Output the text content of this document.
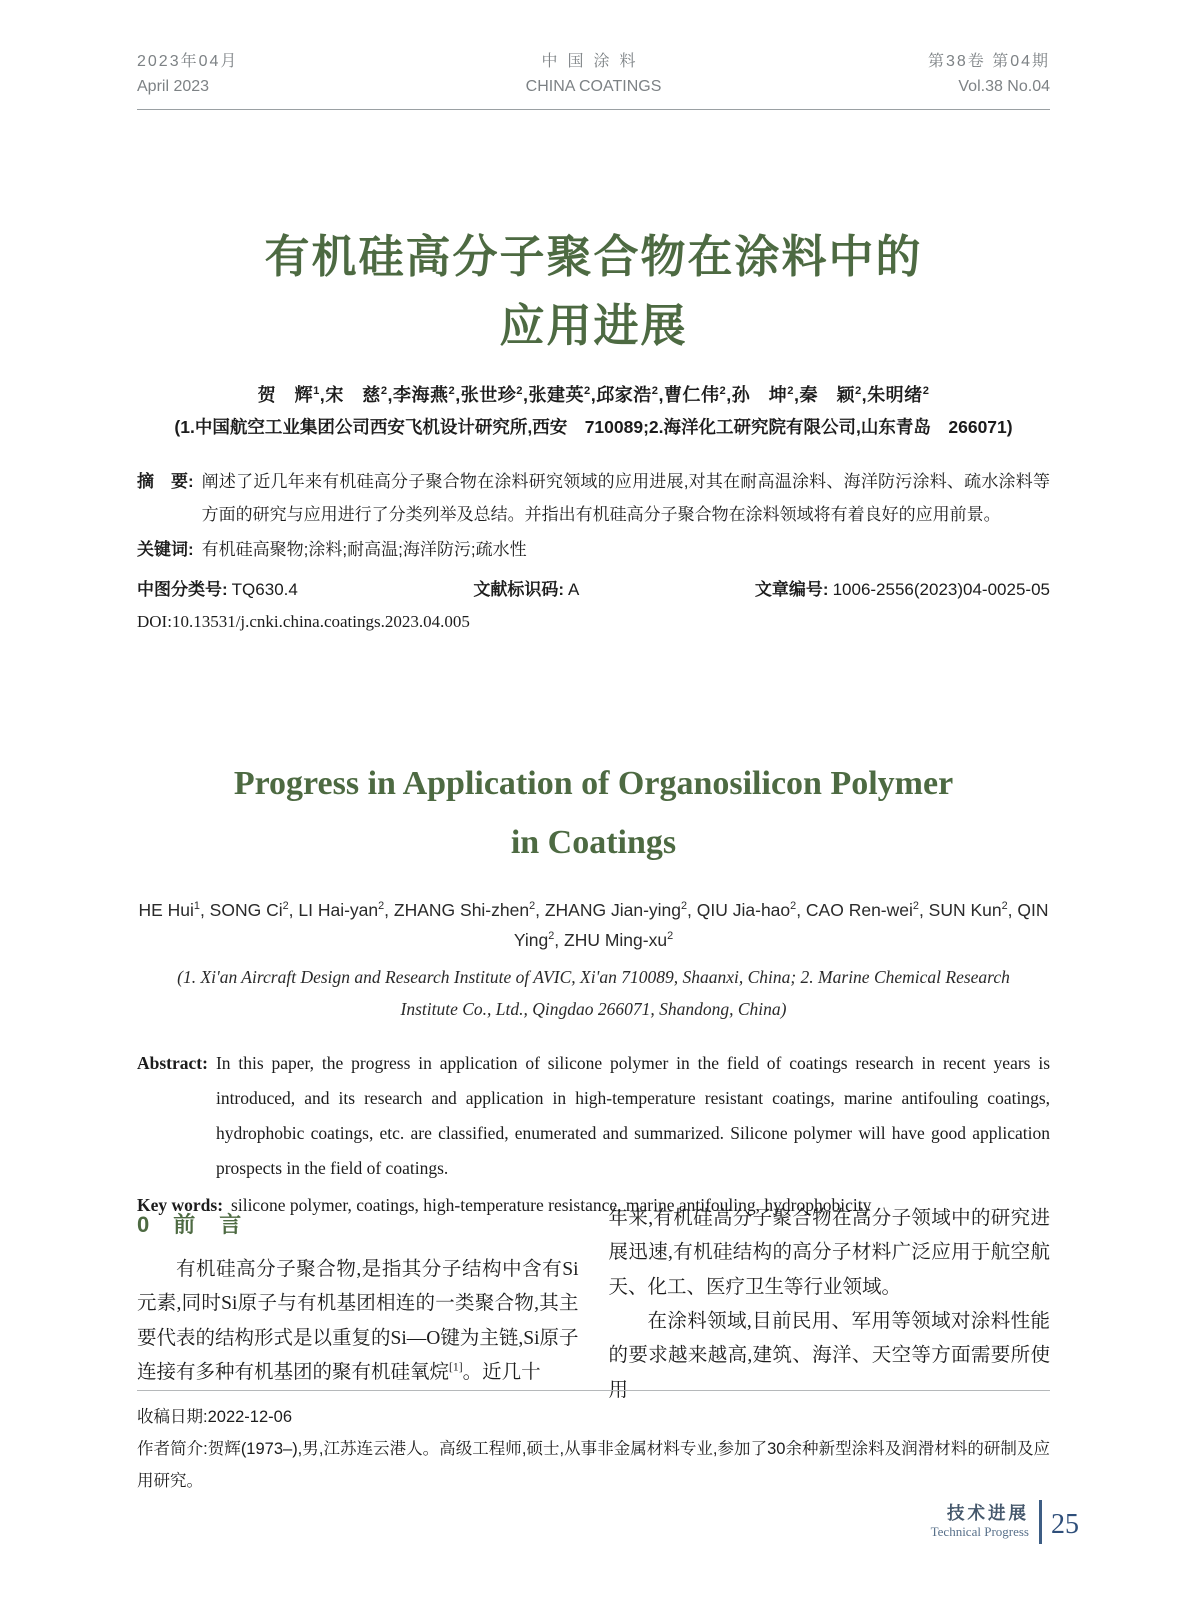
2023年04月
April 2023
中国涂料
CHINA COATINGS
第38卷 第04期
Vol.38 No.04
有机硅高分子聚合物在涂料中的
应用进展
贺　辉$^1$,宋　慈$^2$,李海燕$^2$,张世珍$^2$,张建英$^2$,邱家浩$^2$,曹仁伟$^2$,孙　坤$^2$,秦　颖$^2$,朱明绪$^2$
(1.中国航空工业集团公司西安飞机设计研究所,西安　710089;2.海洋化工研究院有限公司,山东青岛　266071)
摘　要: 阐述了近几年来有机硅高分子聚合物在涂料研究领域的应用进展,对其在耐高温涂料、海洋防污涂料、疏水涂料等方面的研究与应用进行了分类列举及总结。并指出有机硅高分子聚合物在涂料领域将有着良好的应用前景。

关键词: 有机硅高聚物;涂料;耐高温;海洋防污;疏水性

中图分类号: TQ630.4	文献标识码: A	文章编号: 1006-2556(2023)04-0025-05
DOI:10.13531/j.cnki.china.coatings.2023.04.005
Progress in Application of Organosilicon Polymer
in Coatings
HE Hui$^1$, SONG Ci$^2$, LI Hai-yan$^2$, ZHANG Shi-zhen$^2$, ZHANG Jian-ying$^2$, QIU Jia-hao$^2$, CAO Ren-wei$^2$, SUN Kun$^2$, QIN Ying$^2$, ZHU Ming-$xu^2$
(1. Xi'an Aircraft Design and Research Institute of AVIC, Xi'an 710089, Shaanxi, China; 2. Marine Chemical Research Institute Co., Ltd., Qingdao 266071, Shandong, China)
Abstract: In this paper, the progress in application of silicone polymer in the field of coatings research in recent years is introduced, and its research and application in high-temperature resistant coatings, marine antifouling coatings, hydrophobic coatings, etc. are classified, enumerated and summarized. Silicone polymer will have good application prospects in the field of coatings.

Key words: silicone polymer, coatings, high-temperature resistance, marine antifouling, hydrophobicity

0　前　言

有机硅高分子聚合物,是指其分子结构中含有Si元素,同时Si原子与有机基团相连的一类聚合物,其主要代表的结构形式是以重复的Si—O键为主链,Si原子连接有多种有机基团的聚有机硅氧烷[1]。近几十

年来,有机硅高分子聚合物在高分子领域中的研究进展迅速,有机硅结构的高分子材料广泛应用于航空航天、化工、医疗卫生等行业领域。

在涂料领域,目前民用、军用等领域对涂料性能的要求越来越高,建筑、海洋、天空等方面需要所使用

收稿日期:2022-12-06

作者简介:贺辉(1973–),男,江苏连云港人。高级工程师,硕士,从事非金属材料专业,参加了30余种新型涂料及润滑材料的研制及应用研究。

技术进展
Technical Progress 25
